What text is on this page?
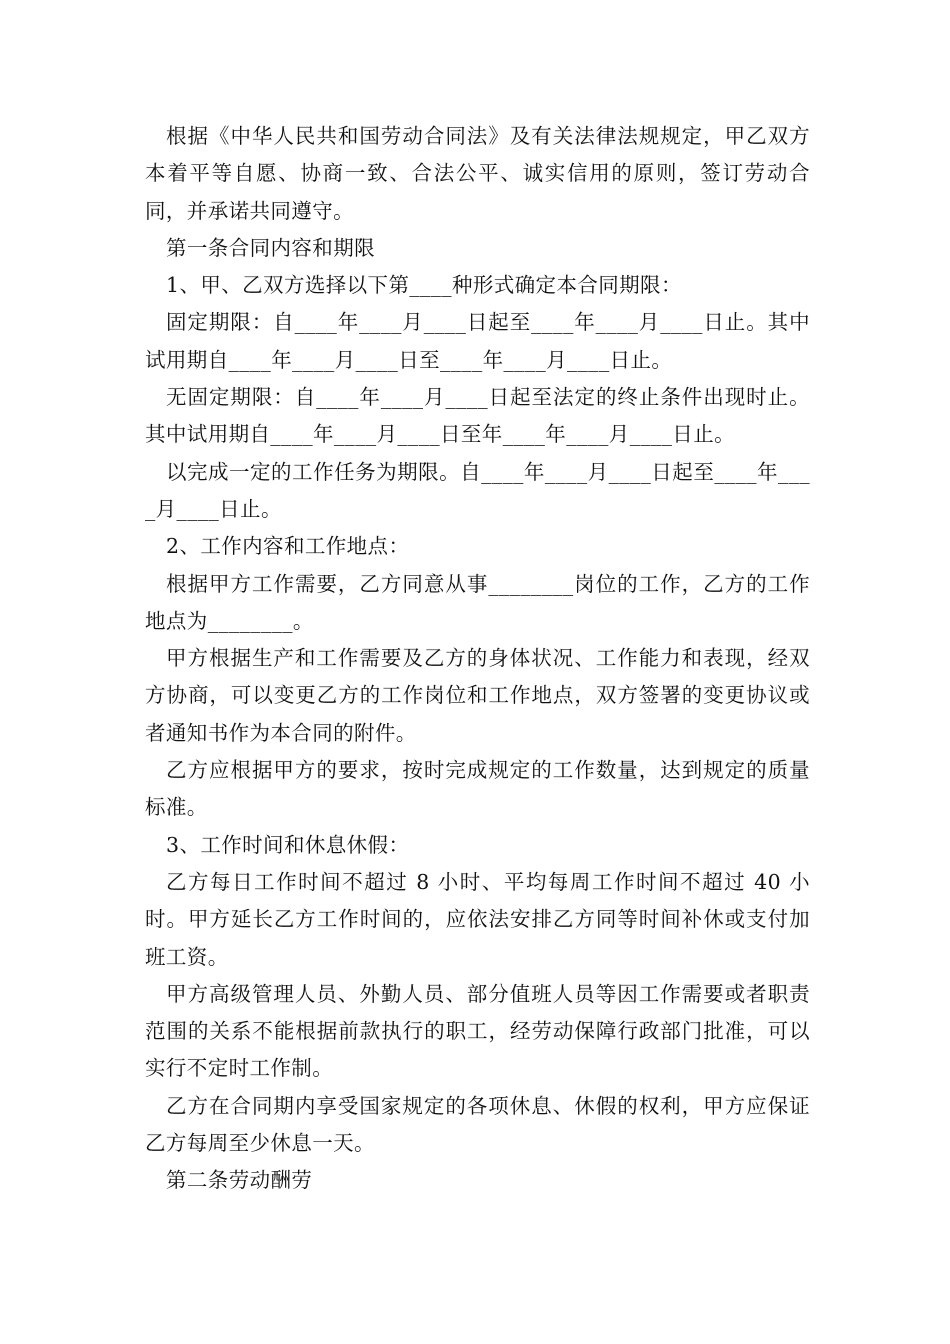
根据《中华人民共和国劳动合同法》及有关法律法规规定，甲乙双方本着平等自愿、协商一致、合法公平、诚实信用的原则，签订劳动合同，并承诺共同遵守。

第一条合同内容和期限

1、甲、乙双方选择以下第____种形式确定本合同期限：

固定期限：自____年____月____日起至____年____月____日止。其中试用期自____年____月____日至____年____月____日止。

无固定期限：自____年____月____日起至法定的终止条件出现时止。其中试用期自____年____月____日至年____年____月____日止。

以完成一定的工作任务为期限。自____年____月____日起至____年____月____日止。

2、工作内容和工作地点：

根据甲方工作需要，乙方同意从事________岗位的工作，乙方的工作地点为________。

甲方根据生产和工作需要及乙方的身体状况、工作能力和表现，经双方协商，可以变更乙方的工作岗位和工作地点，双方签署的变更协议或者通知书作为本合同的附件。

乙方应根据甲方的要求，按时完成规定的工作数量，达到规定的质量标准。

3、工作时间和休息休假：

乙方每日工作时间不超过 8 小时、平均每周工作时间不超过 40 小时。甲方延长乙方工作时间的，应依法安排乙方同等时间补休或支付加班工资。

甲方高级管理人员、外勤人员、部分值班人员等因工作需要或者职责范围的关系不能根据前款执行的职工，经劳动保障行政部门批准，可以实行不定时工作制。

乙方在合同期内享受国家规定的各项休息、休假的权利，甲方应保证乙方每周至少休息一天。

第二条劳动酬劳
